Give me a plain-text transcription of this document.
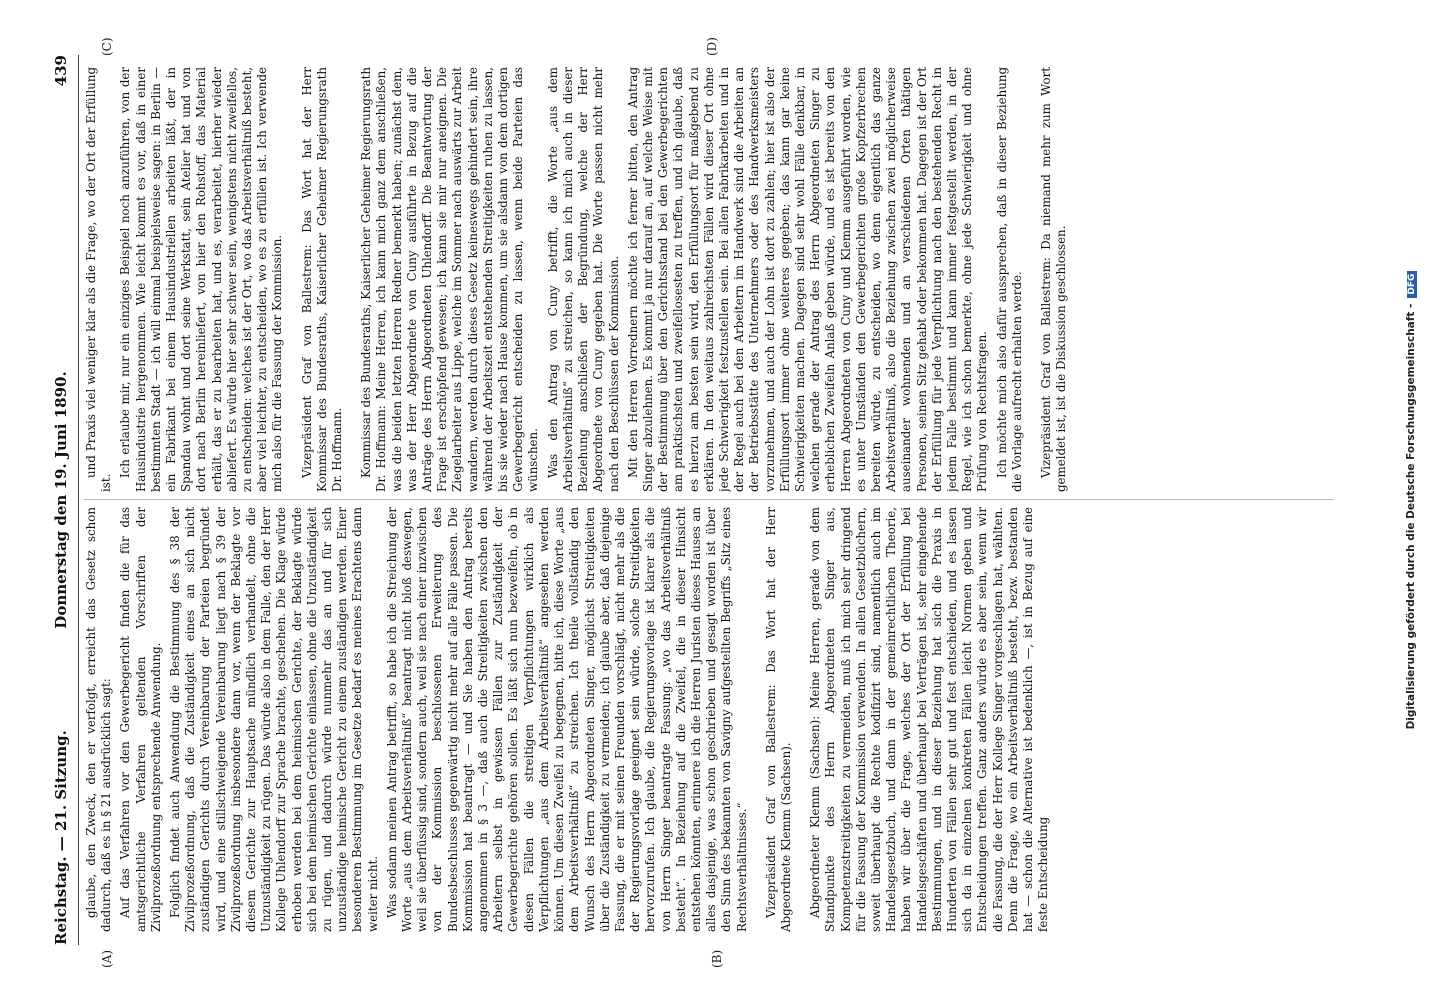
Reichstag. — 21. Sitzung.
Donnerstag den 19. Juni 1890.
439
(A)	(B)
(C)	(D)

glaube, den Zweck, den er verfolgt, erreicht das Gesetz schon dadurch, daß es in § 21 ausdrücklich sagt: Auf das Verfahren vor den Gewerbegericht finden die für das amtsgerichtliche Verfahren geltenden Vorschriften der Zivilprozeßordnung entsprechende Anwendung. Folglich findet auch Anwendung die Bestimmung des § 38 der Zivilprozeßordnung, daß die Zuständigkeit eines an sich nicht zuständigen Gerichts durch Vereinbarung der Parteien begründet wird, und eine stillschweigende Vereinbarung liegt nach § 39 der Zivilprozeßordnung insbesondere dann vor, wenn der Beklagte vor diesem Gerichte zur Hauptsache mündlich verhandelt, ohne die Unzuständigkeit zu rügen. Das würde also in dem Falle, den der Herr Kollege Uhlendorff zur Sprache brachte, geschehen. Die Klage würde erhoben werden bei dem heimischen Gerichte, der Beklagte würde sich bei dem heimischen Gerichte einlassen, ohne die Unzuständigkeit zu rügen, und dadurch würde nunmehr das an und für sich unzuständige heimische Gericht zu einem zuständigen werden. Einer besonderen Bestimmung im Gesetze bedarf es meines Erachtens dann weiter nicht. Was sodann meinen Antrag betrifft, so habe ich die Streichung der Worte „aus dem Arbeitsverhältniß“ beantragt nicht bloß deswegen, weil sie überflüssig sind, sondern auch, weil sie nach einer inzwischen von der Kommission beschlossenen Erweiterung des Bundesbeschlusses gegenwärtig nicht mehr auf alle Fälle passen. Die Kommission hat beantragt — und Sie haben den Antrag bereits angenommen in § 3 —, daß auch die Streitigkeiten zwischen den Arbeitern selbst in gewissen Fällen zur Zuständigkeit der Gewerbegerichte gehören sollen. Es läßt sich nun bezweifeln, ob in diesen Fällen die streitigen Verpflichtungen wirklich als Verpflichtungen „aus dem Arbeitsverhältniß“ angesehen werden können. Um diesen Zweifel zu begegnen, bitte ich, diese Worte „aus dem Arbeitsverhältniß“ zu streichen. Ich theile vollständig den Wunsch des Herrn Abgeordneten Singer, möglichst Streitigkeiten über die Zuständigkeit zu vermeiden; ich glaube aber, daß diejenige Fassung, die er mit seinen Freunden vorschlägt, nicht mehr als die der Regierungsvorlage geeignet sein würde, solche Streitigkeiten hervorzurufen. Ich glaube, die Regierungsvorlage ist klarer als die von Herrn Singer beantragte Fassung: „wo das Arbeitsverhältniß besteht“. In Beziehung auf die Zweifel, die in dieser Hinsicht entstehen könnten, erinnere ich die Herren Juristen dieses Hauses an alles dasjenige, was schon geschrieben und gesagt worden ist über den Sinn des bekannten von Savigny aufgestellten Begriffs „Sitz eines Rechtsverhältnisses.“ Vizepräsident Graf von Ballestrem: Das Wort hat der Herr Abgeordnete Klemm (Sachsen). Abgeordneter Klemm (Sachsen): Meine Herren, gerade von dem Standpunkte des Herrn Abgeordneten Singer aus, Kompetenzstreitigkeiten zu vermeiden, muß ich mich sehr dringend für die Fassung der Kommission verwenden. In allen Gesetzbüchern, soweit überhaupt die Rechte kodifizirt sind, namentlich auch im Handelsgesetzbuch, und dann in der gemeinrechtlichen Theorie, haben wir über die Frage, welches der Ort der Erfüllung bei Handelsgeschäften und überhaupt bei Verträgen ist, sehr eingehende Bestimmungen, und in dieser Beziehung hat sich die Praxis in Hunderten von Fällen sehr gut und fest entschieden, und es lassen sich da in einzelnen konkreten Fällen leicht Normen geben und Entscheidungen treffen. Ganz anders würde es aber sein, wenn wir die Fassung, die der Herr Kollege Singer vorgeschlagen hat, wählten. Denn die Frage, wo ein Arbeitsverhältniß besteht, bezw. bestanden hat — schon die Alternative ist bedenklich —, ist in Bezug auf eine feste Entscheidung

und Praxis viel weniger klar als die Frage, wo der Ort der Erfüllung ist.

Ich erlaube mir, nur ein einziges Beispiel noch anzuführen, von der Hausindustrie hergenommen. Wie leicht kommt es vor, daß in einer bestimmten Stadt — ich will einmal beispielsweise sagen: in Berlin — ein Fabrikant bei einem Hausindustriellen arbeiten läßt, der in Spandau wohnt und dort seine Werkstatt, sein Atelier hat und von dort nach Berlin hereinliefert, von hier den Rohstoff, das Material erhält, das er zu bearbeiten hat, und es, verarbeitet, hierher wieder abliefert. Es würde hier sehr schwer sein, wenigstens nicht zweifellos, zu entscheiden: welches ist der Ort, wo das Arbeitsverhältniß besteht, aber viel leichter, zu entscheiden, wo es zu erfüllen ist. Ich verwende mich also für die Fassung der Kommission. Vizepräsident Graf von Ballestrem: Das Wort hat der Herr Kommissar des Bundesraths, Kaiserlicher Geheimer Regierungsrath Dr. Hoffmann. Kommissar des Bundesraths, Kaiserlicher Geheimer Regierungsrath Dr. Hoffmann: Meine Herren, ich kann mich ganz dem anschließen, was die beiden letzten Herren Redner bemerkt haben; zunächst dem, was der Herr Abgeordnete von Cuny ausführte in Bezug auf die Anträge des Herrn Abgeordneten Uhlendorff. Die Beantwortung der Frage ist erschöpfend gewesen; ich kann sie mir nur aneignen. Die Ziegelarbeiter aus Lippe, welche im Sommer nach auswärts zur Arbeit wandern, werden durch dieses Gesetz keineswegs gehindert sein, ihre während der Arbeitszeit entstehenden Streitigkeiten ruhen zu lassen, bis sie wieder nach Hause kommen, um sie alsdann von dem dortigen Gewerbegericht entscheiden zu lassen, wenn beide Parteien das wünschen. Was den Antrag von Cuny betrifft, die Worte „aus dem Arbeitsverhältniß“ zu streichen, so kann ich mich auch in dieser Beziehung anschließen der Begründung, welche der Herr Abgeordnete von Cuny gegeben hat. Die Worte passen nicht mehr nach den Beschlüssen der Kommission. Mit den Herren Vorrednern möchte ich ferner bitten, den Antrag Singer abzulehnen. Es kommt ja nur darauf an, auf welche Weise mit der Bestimmung über den Gerichtsstand bei den Gewerbegerichten am praktischsten und zweifellosesten zu treffen, und ich glaube, daß es hierzu am besten sein wird, den Erfüllungsort für maßgebend zu erklären. In den weitaus zahlreichsten Fällen wird dieser Ort ohne jede Schwierigkeit festzustellen sein. Bei allen Fabrikarbeiten und in der Regel auch bei den Arbeitern im Handwerk sind die Arbeiten an der Betriebsstätte des Unternehmers oder des Handwerksmeisters vorzunehmen, und auch der Lohn ist dort zu zahlen; hier ist also der Erfüllungsort immer ohne weiteres gegeben; das kann gar keine Schwierigkeiten machen. Dagegen sind sehr wohl Fälle denkbar, in welchen gerade der Antrag des Herrn Abgeordneten Singer zu erheblichen Zweifeln Anlaß geben würde, und es ist bereits von den Herren Abgeordneten von Cuny und Klemm ausgeführt worden, wie es unter Umständen den Gewerbegerichten große Kopfzerbrechen bereiten würde, zu entscheiden, wo denn eigentlich das ganze Arbeitsverhältniß, also die Beziehung zwischen zwei möglicherweise auseinander wohnenden und an verschiedenen Orten thätigen Personen, seinen Sitz gehabt oder bekommen hat. Dagegen ist der Ort der Erfüllung für jede Verpflichtung nach den bestehenden Recht in jedem Falle bestimmt und kann immer festgestellt werden, in der Regel, wie ich schon bemerkte, ohne jede Schwierigkeit und ohne Prüfung von Rechtsfragen. Ich möchte mich also dafür aussprechen, daß in dieser Beziehung die Vorlage aufrecht erhalten werde. Vizepräsident Graf von Ballestrem: Da niemand mehr zum Wort gemeldet ist, ist die Diskussion geschlossen.	Digitalisierung gefördert durch die Deutsche Forschungsgemeinschaft -DFG
